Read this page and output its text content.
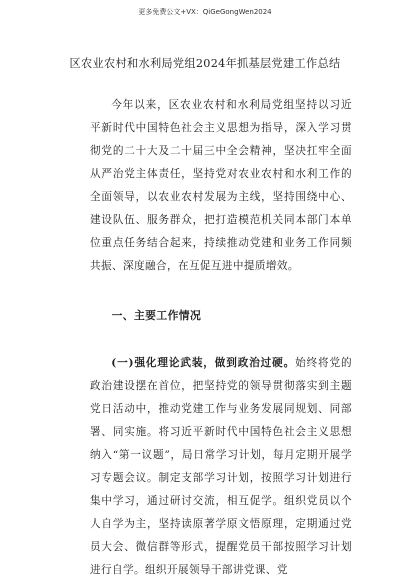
更多免费公文+VX：QiGeGongWen2024
区农业农村和水利局党组2024年抓基层党建工作总结

今年以来，区农业农村和水利局党组坚持以习近平新时代中国特色社会主义思想为指导，深入学习贯彻党的二十大及二十届三中全会精神，坚决扛牢全面从严治党主体责任，坚持党对农业农村和水利工作的全面领导，以农业农村发展为主线，坚持围绕中心、建设队伍、服务群众，把打造模范机关同本部门本单位重点任务结合起来，持续推动党建和业务工作同频共振、深度融合，在互促互进中提质增效。

一、主要工作情况

(一)强化理论武装，做到政治过硬。始终将党的政治建设摆在首位，把坚持党的领导贯彻落实到主题党日活动中，推动党建工作与业务发展同规划、同部署、同实施。将习近平新时代中国特色社会主义思想纳入“第一议题”，局日常学习计划，每月定期开展学习专题会议。制定支部学习计划，按照学习计划进行集中学习，通过研讨交流，相互促学。组织党员以个人自学为主，坚持读原著学原文悟原理，定期通过党员大会、微信群等形式，提醒党员干部按照学习计划进行自学。组织开展领导干部讲党课、党
